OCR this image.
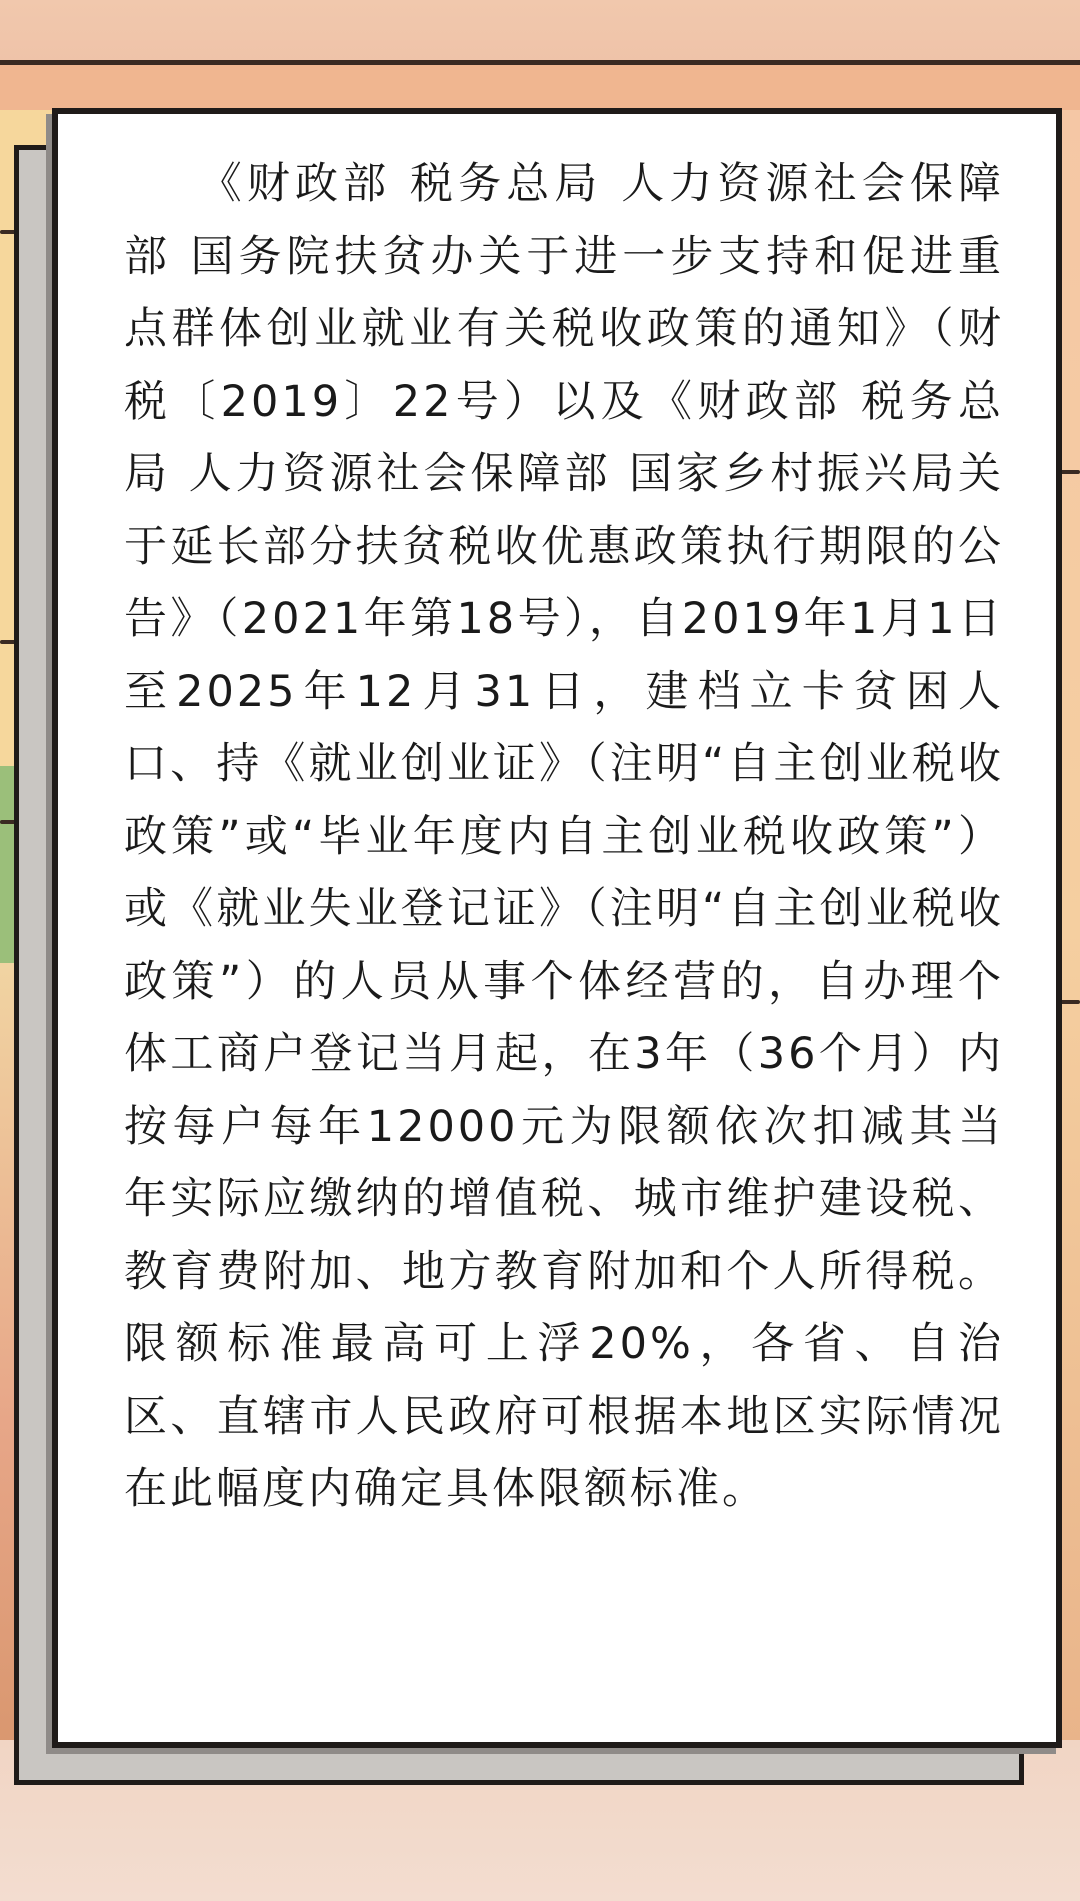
　　《财政部 税务总局 人力资源社会保障部 国务院扶贫办关于进一步支持和促进重点群体创业就业有关税收政策的通知》（财税〔2019〕22号）以及《财政部 税务总局 人力资源社会保障部 国家乡村振兴局关于延长部分扶贫税收优惠政策执行期限的公告》（2021年第18号），自2019年1月1日至2025年12月31日，建档立卡贫困人口、持《就业创业证》（注明“自主创业税收政策”或“毕业年度内自主创业税收政策”）或《就业失业登记证》（注明“自主创业税收政策”）的人员从事个体经营的，自办理个体工商户登记当月起，在3年（36个月）内按每户每年12000元为限额依次扣减其当年实际应缴纳的增值税、城市维护建设税、教育费附加、地方教育附加和个人所得税。限额标准最高可上浮20%，各省、自治区、直辖市人民政府可根据本地区实际情况在此幅度内确定具体限额标准。
